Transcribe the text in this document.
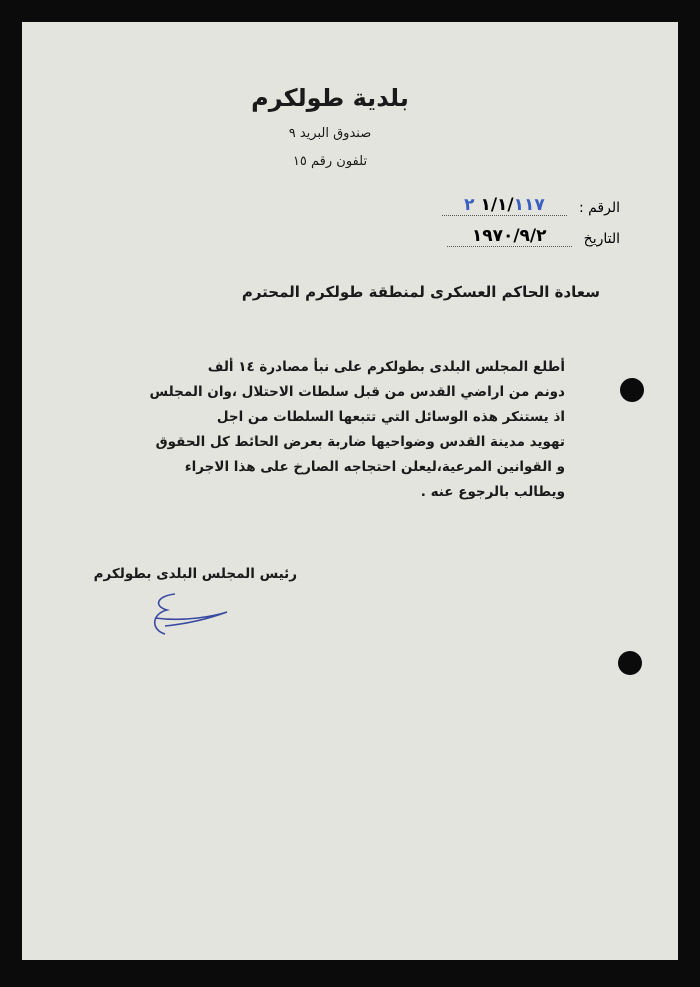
بلدية طولكرم
صندوق البريد ٩
تلفون رقم ١٥
الرقم :
١/١/١١٧ ٢
التاريخ
١٩٧٠/٩/٢
سعادة الحاكم العسكرى لمنطقة طولكرم المحترم

أطلع المجلس البلدى بطولكرم على نبأ مصادرة ١٤ ألف

دونم من اراضي القدس من قبل سلطات الاحتلال ،وان المجلس

اذ يستنكر هذه الوسائل التي تتبعها السلطات من اجل

تهويد مدينة القدس وضواحيها ضاربة بعرض الحائط كل الحقوق

و القوانين المرعية،ليعلن احتجاجه الصارخ على هذا الاجراء

ويطالب بالرجوع عنه .

رئيس المجلس البلدى بطولكرم
